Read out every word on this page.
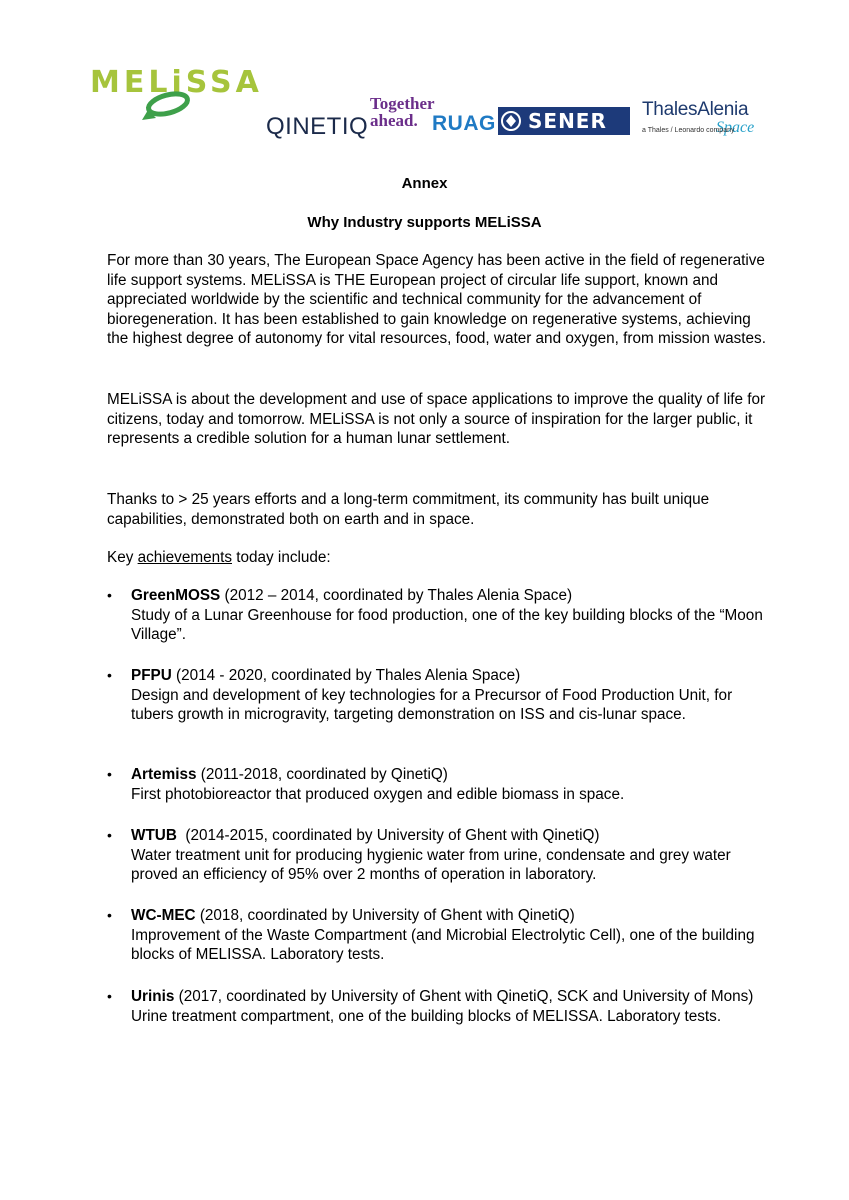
MELiSSA
QINETIQ
Together
ahead. RUAG SENER ThalesAlenia
Space
a Thales / Leonardo company
Annex
Why Industry supports MELiSSA
For more than 30 years, The European Space Agency has been active in the field of regenerative life support systems. MELiSSA is THE European project of circular life support, known and appreciated worldwide by the scientific and technical community for the advancement of bioregeneration. It has been established to gain knowledge on regenerative systems, achieving the highest degree of autonomy for vital resources, food, water and oxygen, from mission wastes.
MELiSSA is about the development and use of space applications to improve the quality of life for citizens, today and tomorrow. MELiSSA is not only a source of inspiration for the larger public, it represents a credible solution for a human lunar settlement.
Thanks to > 25 years efforts and a long-term commitment, its community has built unique capabilities, demonstrated both on earth and in space.
Key achievements today include:
• GreenMOSS (2012 – 2014, coordinated by Thales Alenia Space)
Study of a Lunar Greenhouse for food production, one of the key building blocks of the “Moon Village”.
• PFPU (2014 - 2020, coordinated by Thales Alenia Space)
Design and development of key technologies for a Precursor of Food Production Unit, for tubers growth in microgravity, targeting demonstration on ISS and cis-lunar space.
• Artemiss (2011-2018, coordinated by QinetiQ)
First photobioreactor that produced oxygen and edible biomass in space.
• WTUB  (2014-2015, coordinated by University of Ghent with QinetiQ)
Water treatment unit for producing hygienic water from urine, condensate and grey water proved an efficiency of 95% over 2 months of operation in laboratory.
• WC-MEC (2018, coordinated by University of Ghent with QinetiQ)
Improvement of the Waste Compartment (and Microbial Electrolytic Cell), one of the building blocks of MELISSA. Laboratory tests.
• Urinis (2017, coordinated by University of Ghent with QinetiQ, SCK and University of Mons)
Urine treatment compartment, one of the building blocks of MELISSA. Laboratory tests.
